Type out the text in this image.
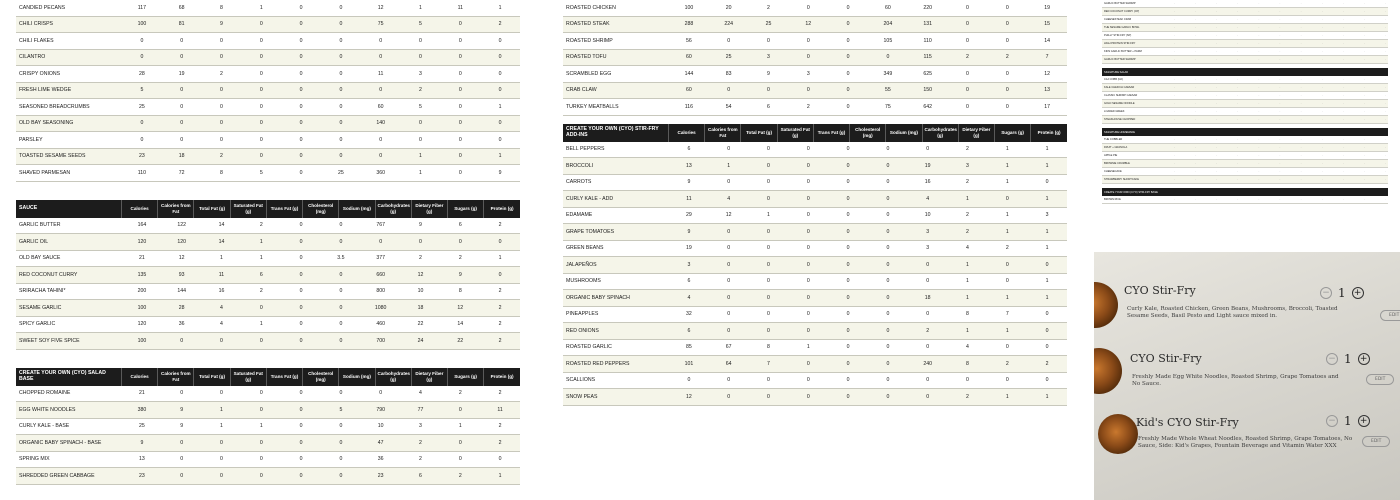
CANDIED PECANS	117	68	8	1	0	0	12	1	11	1
CHILI CRISPS	100	81	9	0	0	0	75	5	0	2
CHILI FLAKES	0	0	0	0	0	0	0	0	0	0
CILANTRO	0	0	0	0	0	0	0	0	0	0
CRISPY ONIONS	28	19	2	0	0	0	11	3	0	0
FRESH LIME WEDGE	5	0	0	0	0	0	0	2	0	0
SEASONED BREADCRUMBS	25	0	0	0	0	0	60	5	0	1
OLD BAY SEASONING	0	0	0	0	0	0	140	0	0	0
PARSLEY	0	0	0	0	0	0	0	0	0	0
TOASTED SESAME SEEDS	23	18	2	0	0	0	0	1	0	1
SHAVED PARMESAN	110	72	8	5	0	25	360	1	0	9
SAUCE	Calories	Calories from Fat	Total Fat (g)	Saturated Fat (g)	Trans Fat (g)	Cholesterol (mg)	Sodium (mg)	Carbohydrates (g)	Dietary Fiber (g)	Sugars (g)	Protein (g)
GARLIC BUTTER	164	122	14	2	0	0	767	9	6	2
GARLIC OIL	120	120	14	1	0	0	0	0	0	0
OLD BAY SAUCE	21	12	1	1	0	3.5	377	2	2	1
RED COCONUT CURRY	135	93	11	6	0	0	660	12	9	0
SRIRACHA TAHINI*	200	144	16	2	0	0	800	10	8	2
SESAME GARLIC	100	28	4	0	0	0	1080	18	12	2
SPICY GARLIC	120	36	4	1	0	0	460	22	14	2
SWEET SOY FIVE SPICE	100	0	0	0	0	0	700	24	22	2
CREATE YOUR OWN (CYO) SALAD BASE	Calories	Calories from Fat	Total Fat (g)	Saturated Fat (g)	Trans Fat (g)	Cholesterol (mg)	Sodium (mg)	Carbohydrates (g)	Dietary Fiber (g)	Sugars (g)	Protein (g)
CHOPPED ROMAINE	21	0	0	0	0	0	0	4	2	2
EGG WHITE NOODLES	380	9	1	0	0	5	790	77	0	11
CURLY KALE - BASE	25	9	1	1	0	0	10	3	1	2
ORGANIC BABY SPINACH - BASE	9	0	0	0	0	0	47	2	0	2
SPRING MIX	13	0	0	0	0	0	36	2	0	0
SHREDDED GREEN CABBAGE	23	0	0	0	0	0	23	6	2	1
ROASTED CHICKEN	100	20	2	0	0	60	220	0	0	19
ROASTED STEAK	288	224	25	12	0	204	131	0	0	15
ROASTED SHRIMP	56	0	0	0	0	105	110	0	0	14
ROASTED TOFU	60	25	3	0	0	0	115	2	2	7
SCRAMBLED EGG	144	83	9	3	0	349	625	0	0	12
CRAB CLAW	60	0	0	0	0	55	150	0	0	13
TURKEY MEATBALLS	116	54	6	2	0	75	642	0	0	17
CREATE YOUR OWN (CYO) STIR-FRY ADD-INS	Calories	Calories from Fat	Total Fat (g)	Saturated Fat (g)	Trans Fat (g)	Cholesterol (mg)	Sodium (mg)	Carbohydrates (g)	Dietary Fiber (g)	Sugars (g)	Protein (g)
BELL PEPPERS	6	0	0	0	0	0	0	2	1	1
BROCCOLI	13	1	0	0	0	0	19	3	1	1
CARROTS	9	0	0	0	0	0	16	2	1	0
CURLY KALE - ADD	11	4	0	0	0	0	4	1	0	1
EDAMAME	29	12	1	0	0	0	10	2	1	3
GRAPE TOMATOES	9	0	0	0	0	0	3	2	1	1
GREEN BEANS	19	0	0	0	0	0	3	4	2	1
JALAPEÑOS	3	0	0	0	0	0	0	1	0	0
MUSHROOMS	6	0	0	0	0	0	0	1	0	1
ORGANIC BABY SPINACH	4	0	0	0	0	0	18	1	1	1
PINEAPPLES	32	0	0	0	0	0	0	8	7	0
RED ONIONS	6	0	0	0	0	0	2	1	1	0
ROASTED GARLIC	85	67	8	1	0	0	0	4	0	0
ROASTED RED PEPPERS	101	64	7	0	0	0	240	8	2	2
SCALLIONS	0	0	0	0	0	0	0	0	0	0
SNOW PEAS	12	0	0	0	0	0	0	2	1	1
GARLIC BUTTER SHRIMP	·	·	·	·	·	·	·	·	·	·	·
RED COCONUT CURRY (CP)	·	·	·	·	·	·	·	·	·	·	·
CHEESESTEAK CRAB	·	·	·	·	·	·	·	·	·	·	·
THE SESAME GARLIC BOWL	·	·	·	·	·	·	·	·	·	·	·
PHILLY STIR-FRY (SP)	·	·	·	·	·	·	·	·	·	·	·
HIGH PROTEIN STIR-FRY	·	·	·	·	·	·	·	·	·	·	·
KIDS GARLIC BUTTER + PARM	·	·	·	·	·	·	·	·	·	·	·
GARLIC BUTTER SHRIMP	·	·	·	·	·	·	·	·	·	·	·
SIGNATURE SALAD
CAJ COBB (GF)	·	·	·	·	·	·	·	·	·	·	·
KALE CHEF/CH CAESAR	·	·	·	·	·	·	·	·	·	·	·
CLASSIC SHRIMP CAESAR	·	·	·	·	·	·	·	·	·	·	·
GOLD SESAME NOODLE	·	·	·	·	·	·	·	·	·	·	·
LOADED GREEK	·	·	·	·	·	·	·	·	·	·	·
STEAKHOUSE CHOPPED	·	·	·	·	·	·	·	·	·	·	·
SIGNATURE HOMEMADE
THE COBBLER	·	·	·	·	·	·	·	·	·	·	·
FRUIT + GRANOLA	·	·	·	·	·	·	·	·	·	·	·
APPLE PIE	·	·	·	·	·	·	·	·	·	·	·
BROWNIE CRUMBLE	·	·	·	·	·	·	·	·	·	·	·
CHEESECAKE	·	·	·	·	·	·	·	·	·	·	·
STRAWBERRY SHORTCAKE	·	·	·	·	·	·	·	·	·	·	·
CREATE YOUR OWN (CYO) STIR-FRY BASE
BROWN RICE	·	·	·	·	·	·	·	·	·	·	·
CYO Stir-Fry
Curly Kale, Roasted Chicken, Green Beans, Mushrooms, Broccoli, Toasted Sesame Seeds, Basil Pesto and Light sauce mixed in.
− 1 +
EDIT
CYO Stir-Fry
Freshly Made Egg White Noodles, Roasted Shrimp, Grape Tomatoes and No Sauce.
− 1 +
EDIT
Kid's CYO Stir-Fry
Freshly Made Whole Wheat Noodles, Roasted Shrimp, Grape Tomatoes, No Sauce, Side: Kid's Grapes, Fountain Beverage and Vitamin Water XXX
− 1 +
EDIT
